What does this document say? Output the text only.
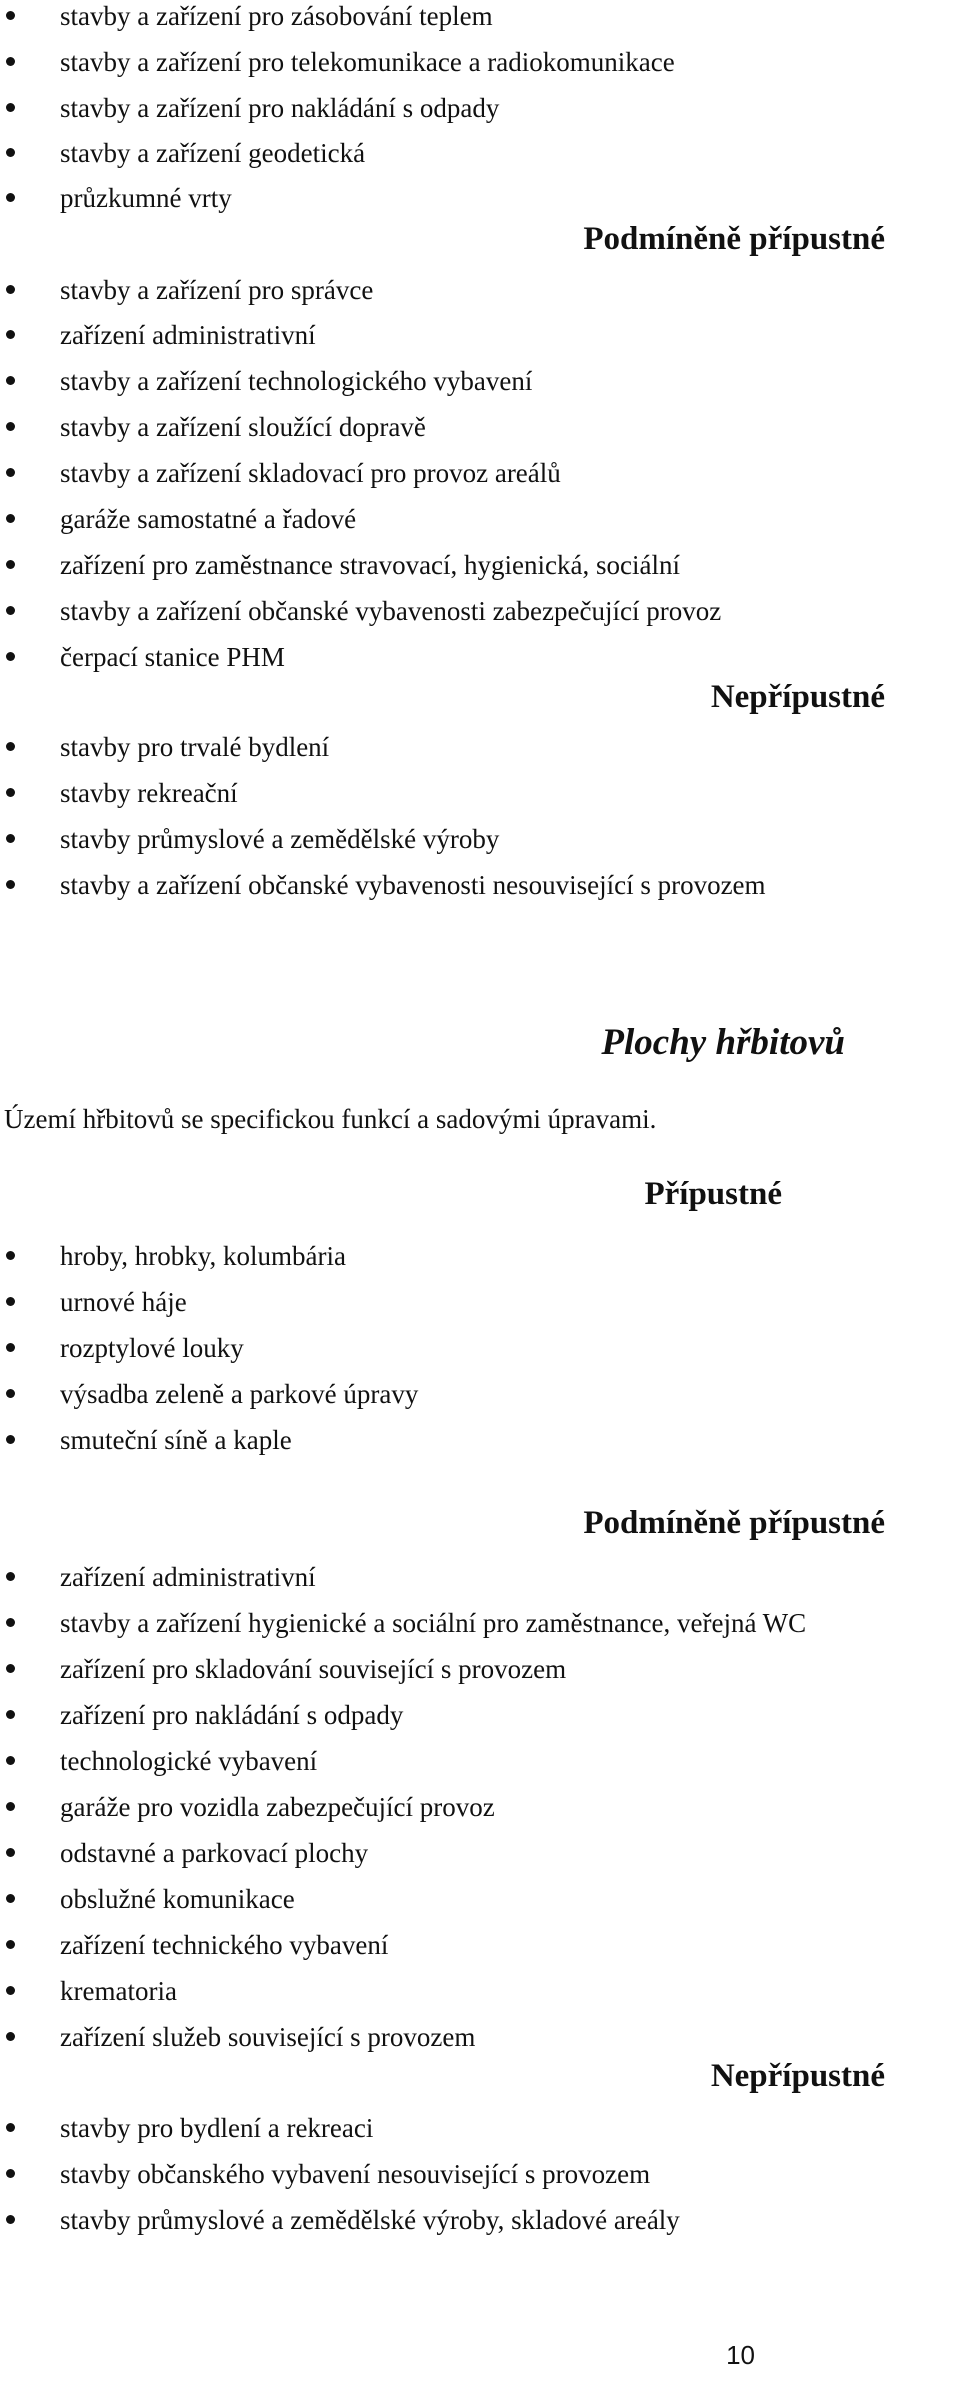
stavby a zařízení pro zásobování teplem
stavby a zařízení pro telekomunikace a radiokomunikace
stavby a zařízení pro nakládání s odpady
stavby a zařízení geodetická
průzkumné vrty
Podmíněně přípustné
stavby a zařízení pro správce
zařízení administrativní
stavby a zařízení technologického vybavení
stavby a zařízení sloužící dopravě
stavby a zařízení skladovací pro provoz areálů
garáže samostatné a řadové
zařízení pro zaměstnance stravovací, hygienická, sociální
stavby a zařízení občanské vybavenosti zabezpečující provoz
čerpací stanice PHM
Nepřípustné
stavby pro trvalé bydlení
stavby rekreační
stavby průmyslové a zemědělské výroby
stavby a zařízení občanské vybavenosti nesouvisející s provozem
Plochy hřbitovů
Území hřbitovů se specifickou funkcí a sadovými úpravami.
Přípustné
hroby, hrobky, kolumbária
urnové háje
rozptylové louky
výsadba zeleně a parkové úpravy
smuteční síně a kaple
Podmíněně přípustné
zařízení administrativní
stavby a zařízení hygienické a sociální pro zaměstnance, veřejná WC
zařízení pro skladování související s provozem
zařízení pro nakládání s odpady
technologické vybavení
garáže pro vozidla zabezpečující provoz
odstavné a parkovací plochy
obslužné komunikace
zařízení technického vybavení
krematoria
zařízení služeb související s provozem
Nepřípustné
stavby pro bydlení a rekreaci
stavby občanského vybavení nesouvisející s provozem
stavby průmyslové a zemědělské výroby, skladové areály
10
